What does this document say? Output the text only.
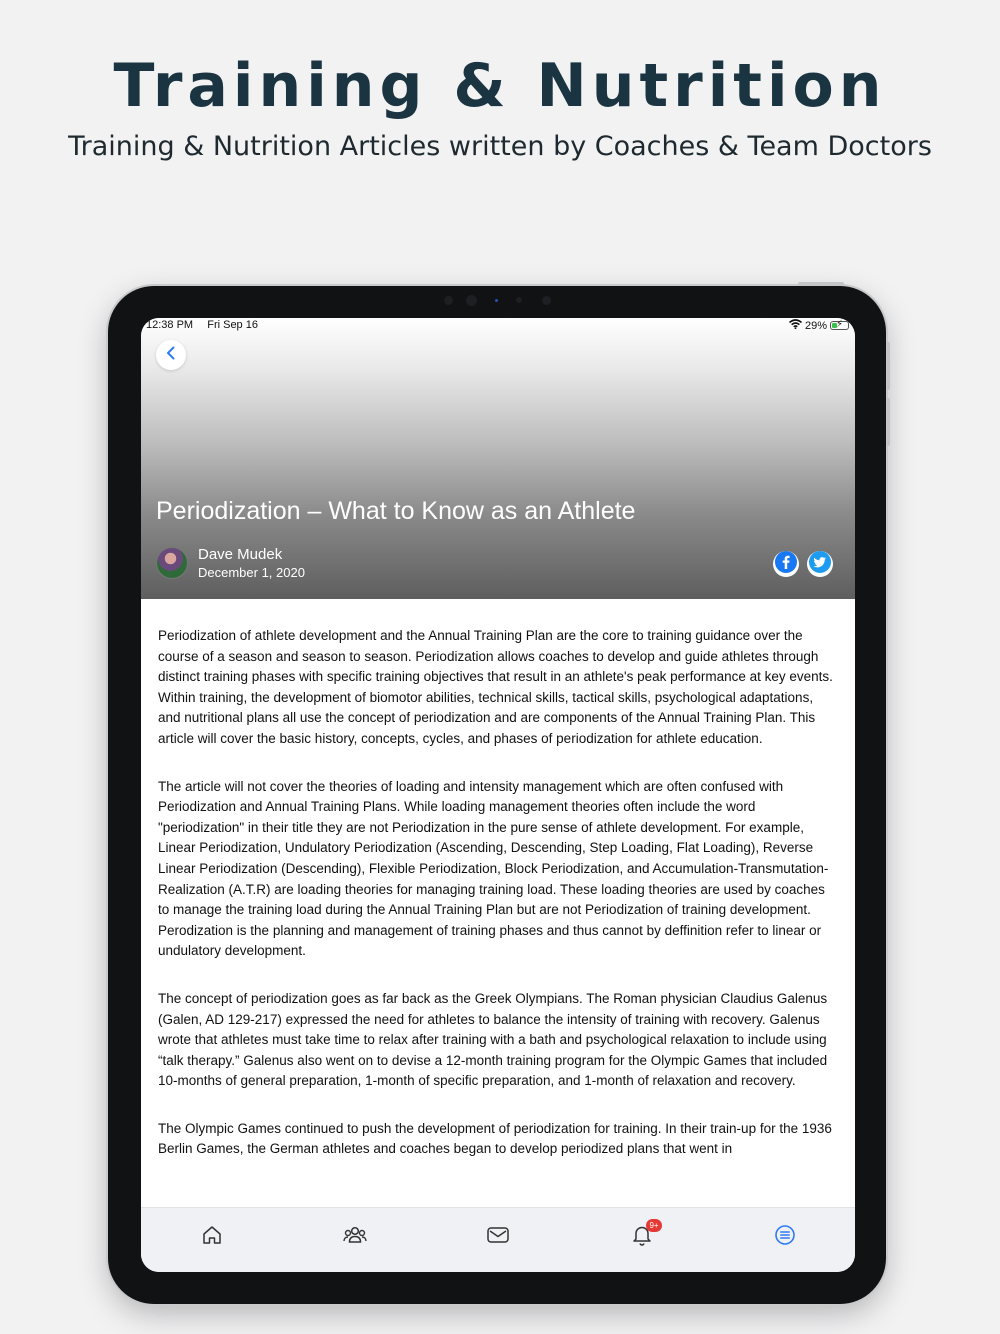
Training & Nutrition

Training & Nutrition Articles written by Coaches & Team Doctors

12:38 PM Fri Sep 16	29% ⚡
Periodization – What to Know as an Athlete
Dave Mudek
December 1, 2020

Periodization of athlete development and the Annual Training Plan are the core to training guidance over the course of a season and season to season. Periodization allows coaches to develop and guide athletes through distinct training phases with specific training objectives that result in an athlete's peak performance at key events. Within training, the development of biomotor abilities, technical skills, tactical skills, psychological adaptations, and nutritional plans all use the concept of periodization and are components of the Annual Training Plan. This article will cover the basic history, concepts, cycles, and phases of periodization for athlete education.

The article will not cover the theories of loading and intensity management which are often confused with Periodization and Annual Training Plans. While loading management theories often include the word "periodization" in their title they are not Periodization in the pure sense of athlete development. For example, Linear Periodization, Undulatory Periodization (Ascending, Descending, Step Loading, Flat Loading), Reverse Linear Periodization (Descending), Flexible Periodization, Block Periodization, and Accumulation-Transmutation-Realization (A.T.R) are loading theories for managing training load. These loading theories are used by coaches to manage the training load during the Annual Training Plan but are not Periodization of training development. Perodization is the planning and management of training phases and thus cannot by deffinition refer to linear or undulatory development.

The concept of periodization goes as far back as the Greek Olympians. The Roman physician Claudius Galenus (Galen, AD 129-217) expressed the need for athletes to balance the intensity of training with recovery. Galenus wrote that athletes must take time to relax after training with a bath and psychological relaxation to include using “talk therapy.” Galenus also went on to devise a 12-month training program for the Olympic Games that included 10-months of general preparation, 1-month of specific preparation, and 1-month of relaxation and recovery.

The Olympic Games continued to push the development of periodization for training. In their train-up for the 1936 Berlin Games, the German athletes and coaches began to develop periodized plans that went in

9+
